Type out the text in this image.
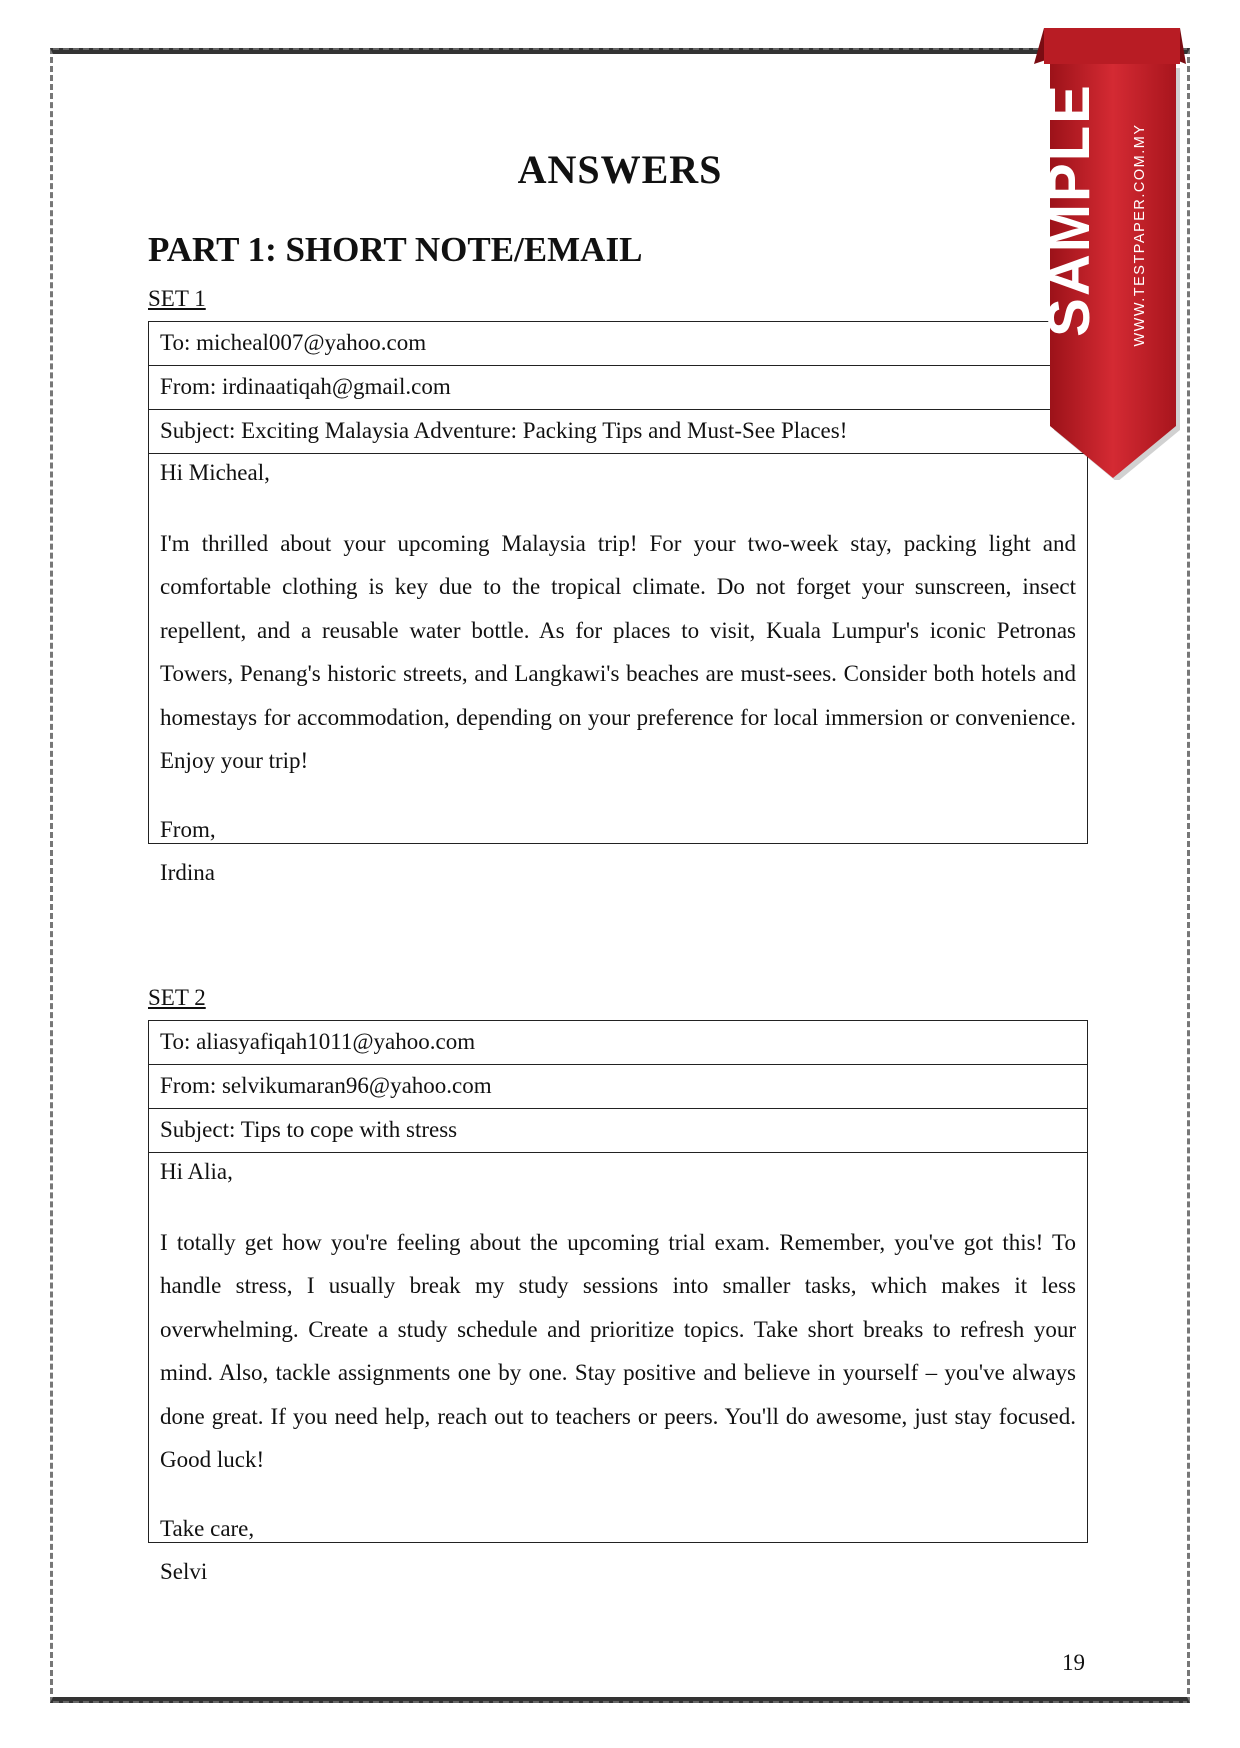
ANSWERS
PART 1: SHORT NOTE/EMAIL
SET 1
To: micheal007@yahoo.com
From: irdinaatiqah@gmail.com
Subject: Exciting Malaysia Adventure: Packing Tips and Must-See Places!
Hi Micheal,
I'm thrilled about your upcoming Malaysia trip! For your two-week stay, packing light and comfortable clothing is key due to the tropical climate. Do not forget your sunscreen, insect repellent, and a reusable water bottle. As for places to visit, Kuala Lumpur's iconic Petronas Towers, Penang's historic streets, and Langkawi's beaches are must-sees. Consider both hotels and homestays for accommodation, depending on your preference for local immersion or convenience. Enjoy your trip!
From,
Irdina
SET 2
To: aliasyafiqah1011@yahoo.com
From: selvikumaran96@yahoo.com
Subject: Tips to cope with stress
Hi Alia,
I totally get how you're feeling about the upcoming trial exam. Remember, you've got this! To handle stress, I usually break my study sessions into smaller tasks, which makes it less overwhelming. Create a study schedule and prioritize topics. Take short breaks to refresh your mind. Also, tackle assignments one by one. Stay positive and believe in yourself – you've always done great. If you need help, reach out to teachers or peers. You'll do awesome, just stay focused. Good luck!
Take care,
Selvi
19
SAMPLE WWW.TESTPAPER.COM.MY
